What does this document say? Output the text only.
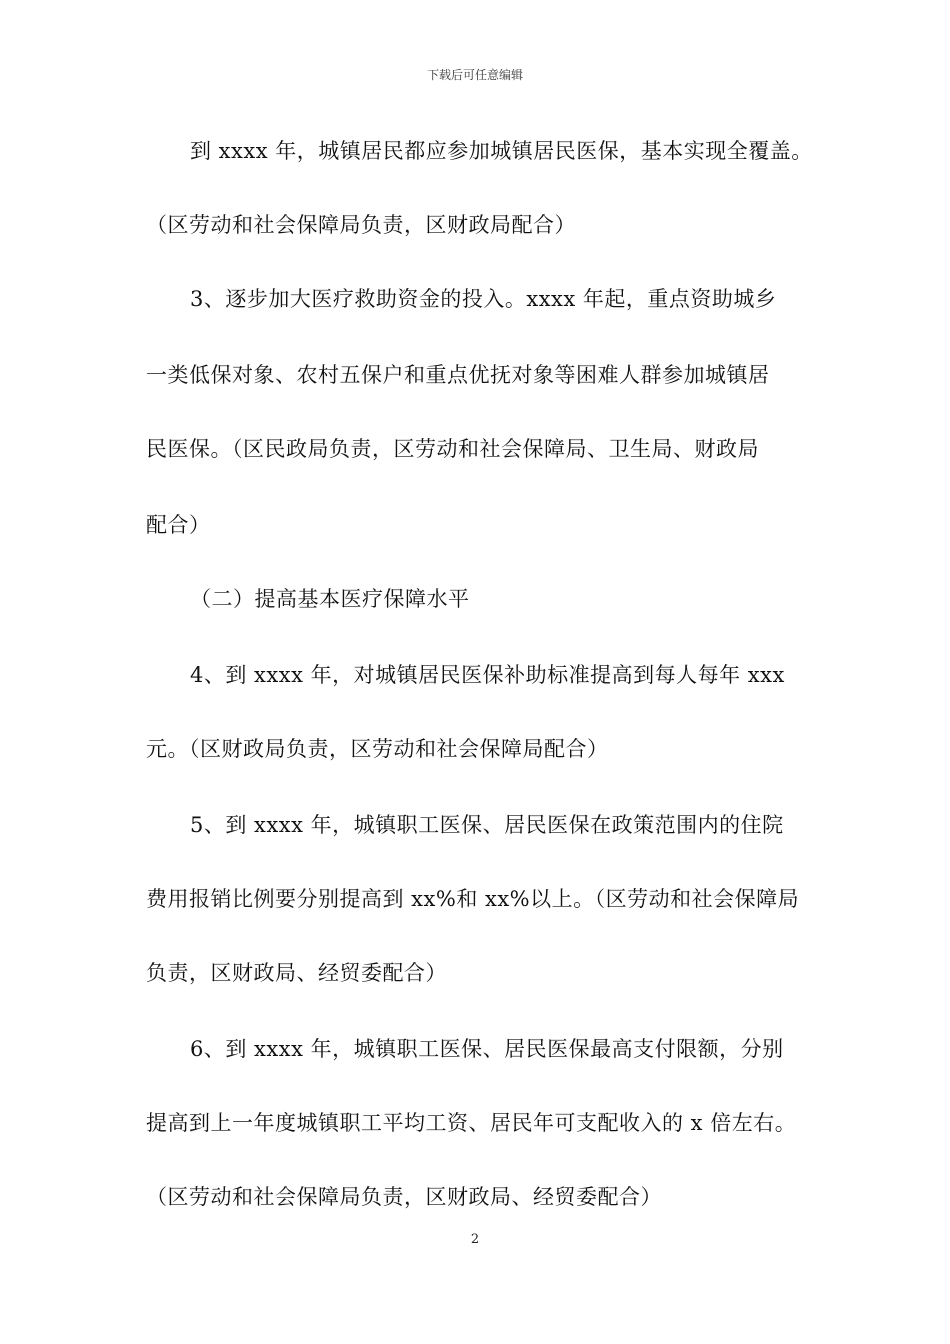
下载后可任意编辑
到 xxxx 年，城镇居民都应参加城镇居民医保，基本实现全覆盖。
（区劳动和社会保障局负责，区财政局配合）
3、逐步加大医疗救助资金的投入。xxxx 年起，重点资助城乡
一类低保对象、农村五保户和重点优抚对象等困难人群参加城镇居
民医保。（区民政局负责，区劳动和社会保障局、卫生局、财政局
配合）
（二）提高基本医疗保障水平
4、到 xxxx 年，对城镇居民医保补助标准提高到每人每年 xxx
元。（区财政局负责，区劳动和社会保障局配合）
5、到 xxxx 年，城镇职工医保、居民医保在政策范围内的住院
费用报销比例要分别提高到 xx%和 xx%以上。（区劳动和社会保障局
负责，区财政局、经贸委配合）
6、到 xxxx 年，城镇职工医保、居民医保最高支付限额，分别
提高到上一年度城镇职工平均工资、居民年可支配收入的 x 倍左右。
（区劳动和社会保障局负责，区财政局、经贸委配合）
2
